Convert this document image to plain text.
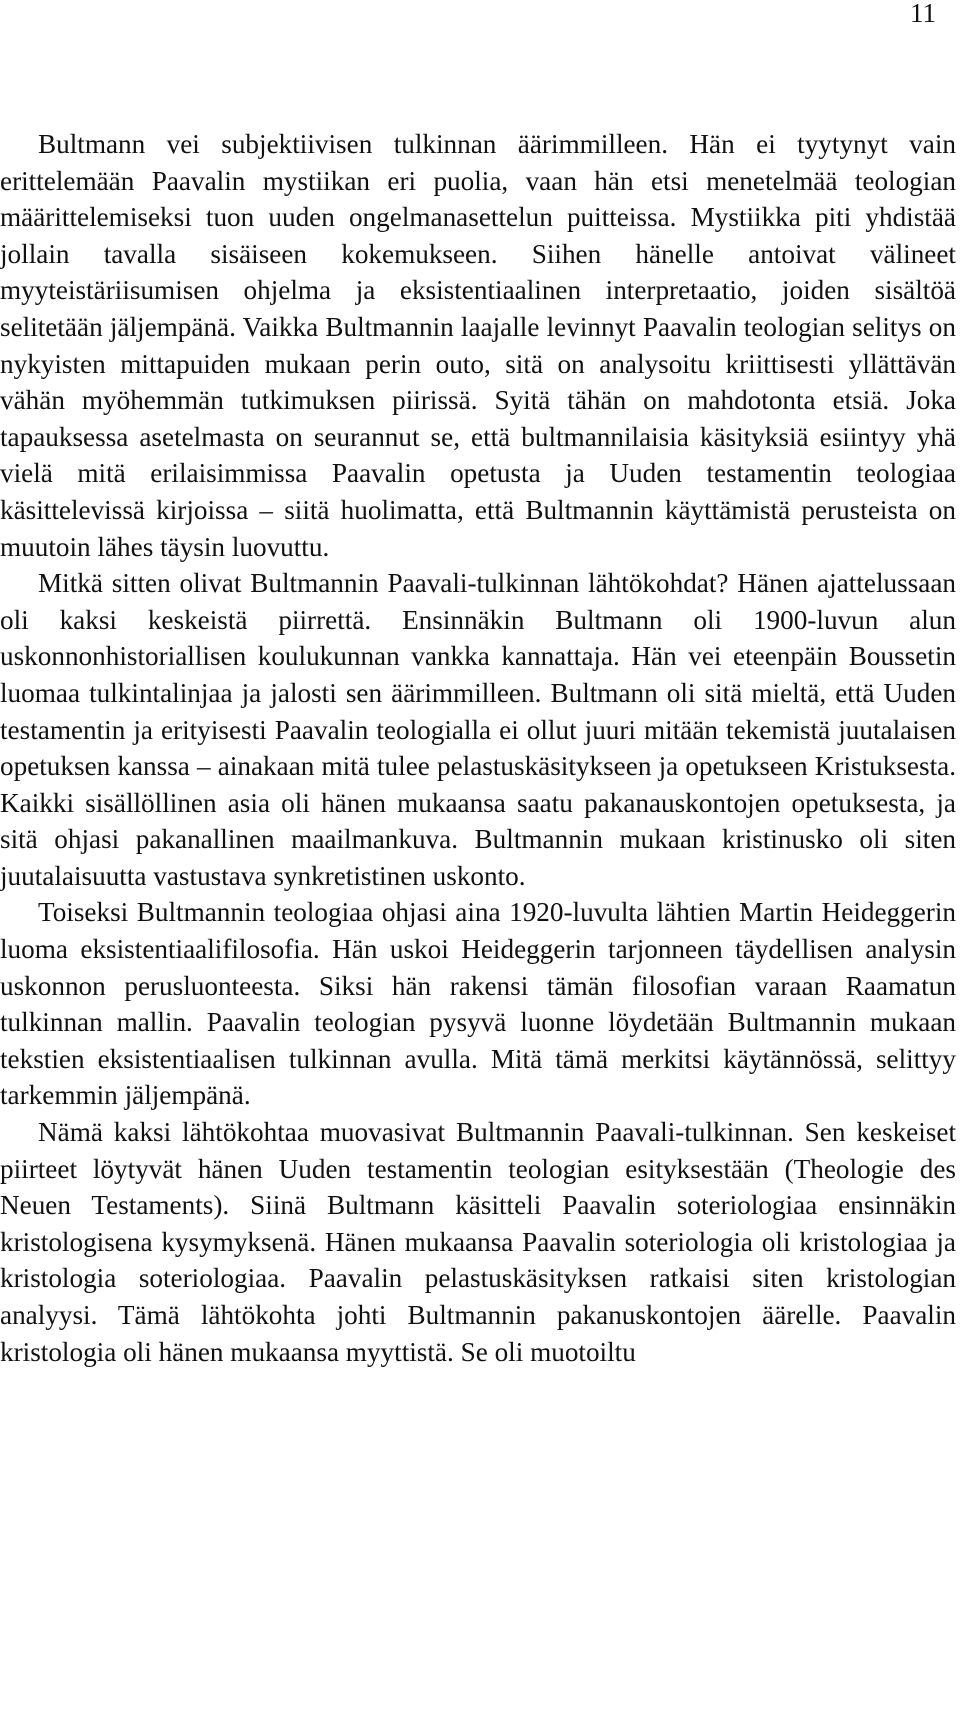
11

Bultmann vei subjektiivisen tulkinnan äärimmilleen. Hän ei tyytynyt vain erittelemään Paavalin mystiikan eri puolia, vaan hän etsi menetelmää teologian määrittelemiseksi tuon uuden ongelmanasettelun puitteissa. Mystiikka piti yhdistää jollain tavalla sisäiseen kokemukseen. Siihen hänelle antoivat välineet myyteistäriisumisen ohjelma ja eksistentiaalinen interpretaatio, joiden sisältöä selitetään jäljempänä. Vaikka Bultmannin laajalle levinnyt Paavalin teologian selitys on nykyisten mittapuiden mukaan perin outo, sitä on analysoitu kriittisesti yllättävän vähän myöhemmän tutkimuksen piirissä. Syitä tähän on mahdotonta etsiä. Joka tapauksessa asetelmasta on seurannut se, että bultmannilaisia käsityksiä esiintyy yhä vielä mitä erilaisimmissa Paavalin opetusta ja Uuden testamentin teologiaa käsittelevissä kirjoissa – siitä huolimatta, että Bultmannin käyttämistä perusteista on muutoin lähes täysin luovuttu.

Mitkä sitten olivat Bultmannin Paavali-tulkinnan lähtökohdat? Hänen ajattelussaan oli kaksi keskeistä piirrettä. Ensinnäkin Bultmann oli 1900-luvun alun uskonnonhistoriallisen koulukunnan vankka kannattaja. Hän vei eteenpäin Boussetin luomaa tulkintalinjaa ja jalosti sen äärimmilleen. Bultmann oli sitä mieltä, että Uuden testamentin ja erityisesti Paavalin teologialla ei ollut juuri mitään tekemistä juutalaisen opetuksen kanssa – ainakaan mitä tulee pelastuskäsitykseen ja opetukseen Kristuksesta. Kaikki sisällöllinen asia oli hänen mukaansa saatu pakanauskontojen opetuksesta, ja sitä ohjasi pakanallinen maailmankuva. Bultmannin mukaan kristinusko oli siten juutalaisuutta vastustava synkretistinen uskonto.

Toiseksi Bultmannin teologiaa ohjasi aina 1920-luvulta lähtien Martin Heideggerin luoma eksistentiaalifilosofia. Hän uskoi Heideggerin tarjonneen täydellisen analysin uskonnon perusluonteesta. Siksi hän rakensi tämän filosofian varaan Raamatun tulkinnan mallin. Paavalin teologian pysyvä luonne löydetään Bultmannin mukaan tekstien eksistentiaalisen tulkinnan avulla. Mitä tämä merkitsi käytännössä, selittyy tarkemmin jäljempänä.

Nämä kaksi lähtökohtaa muovasivat Bultmannin Paavali-tulkinnan. Sen keskeiset piirteet löytyvät hänen Uuden testamentin teologian esityksestään (Theologie des Neuen Testaments). Siinä Bultmann käsitteli Paavalin soteriologiaa ensinnäkin kristologisena kysymyksenä. Hänen mukaansa Paavalin soteriologia oli kristologiaa ja kristologia soteriologiaa. Paavalin pelastuskäsityksen ratkaisi siten kristologian analyysi. Tämä lähtökohta johti Bultmannin pakanuskontojen äärelle. Paavalin kristologia oli hänen mukaansa myyttistä. Se oli muotoiltu
